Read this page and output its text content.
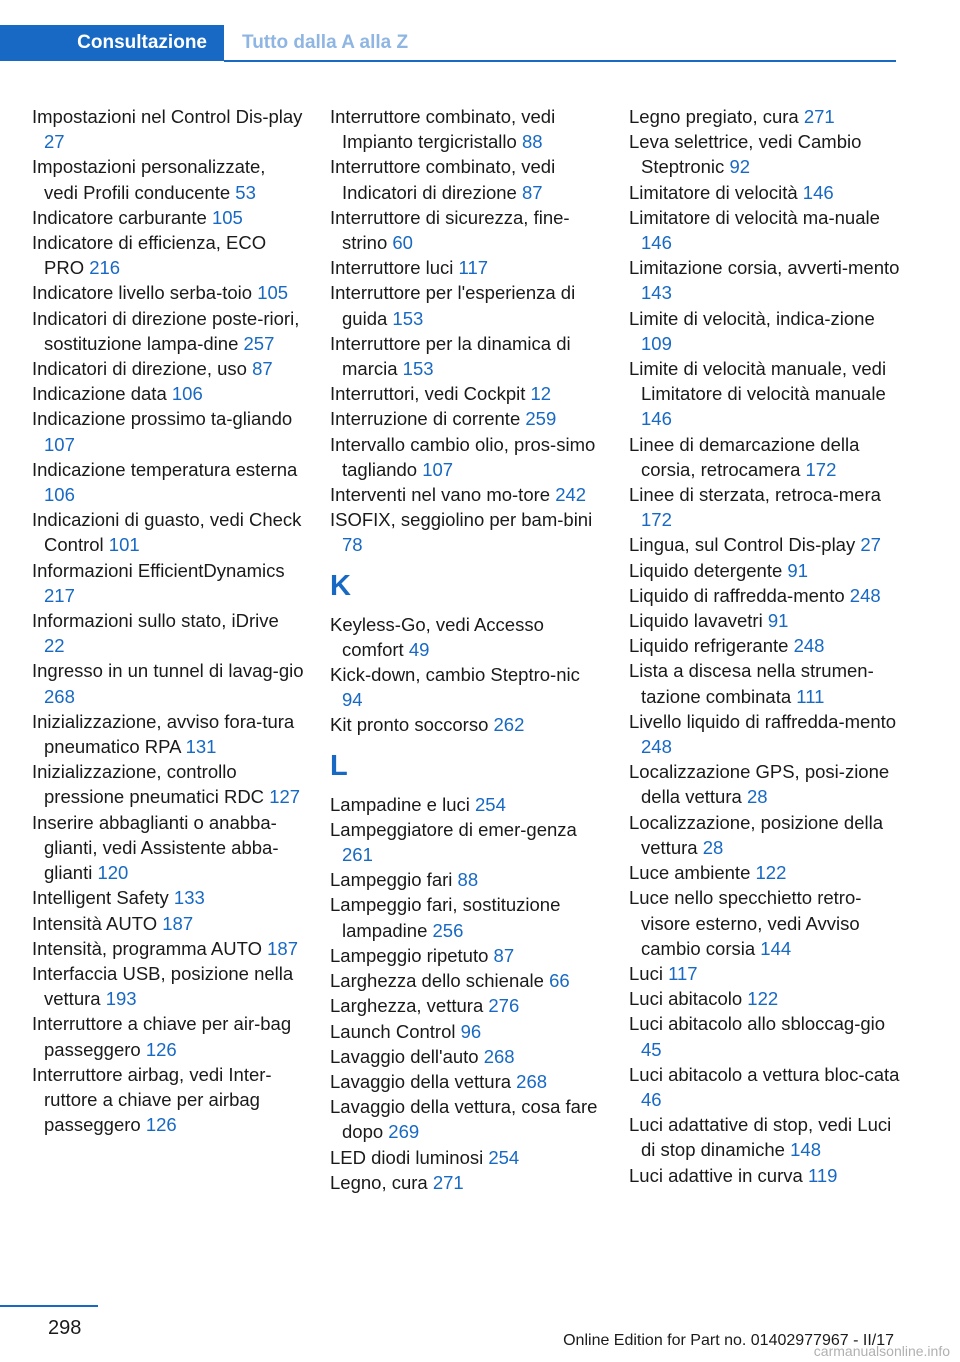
Consultazione	Tutto dalla A alla Z
Impostazioni nel Control Dis‐play 27
Impostazioni personalizzate, vedi Profili conducente 53
Indicatore carburante 105
Indicatore di efficienza, ECO PRO 216
Indicatore livello serba‐toio 105
Indicatori di direzione poste‐riori, sostituzione lampa‐dine 257
Indicatori di direzione, uso 87
Indicazione data 106
Indicazione prossimo ta‐gliando 107
Indicazione temperatura esterna 106
Indicazioni di guasto, vedi Check Control 101
Informazioni EfficientDynamics 217
Informazioni sullo stato, iDrive 22
Ingresso in un tunnel di lavag‐gio 268
Inizializzazione, avviso fora‐tura pneumatico RPA 131
Inizializzazione, controllo pressione pneumatici RDC 127
Inserire abbaglianti o anabba‐glianti, vedi Assistente abba‐glianti 120
Intelligent Safety 133
Intensità AUTO 187
Intensità, programma AUTO 187
Interfaccia USB, posizione nella vettura 193
Interruttore a chiave per air‐bag passeggero 126
Interruttore airbag, vedi Inter‐ruttore a chiave per airbag passeggero 126
Interruttore combinato, vedi Impianto tergicristallo 88
Interruttore combinato, vedi Indicatori di direzione 87
Interruttore di sicurezza, fine‐strino 60
Interruttore luci 117
Interruttore per l'esperienza di guida 153
Interruttore per la dinamica di marcia 153
Interruttori, vedi Cockpit 12
Interruzione di corrente 259
Intervallo cambio olio, pros‐simo tagliando 107
Interventi nel vano mo‐tore 242
ISOFIX, seggiolino per bam‐bini 78
K
Keyless-Go, vedi Accesso comfort 49
Kick-down, cambio Steptro‐nic 94
Kit pronto soccorso 262
L
Lampadine e luci 254
Lampeggiatore di emer‐genza 261
Lampeggio fari 88
Lampeggio fari, sostituzione lampadine 256
Lampeggio ripetuto 87
Larghezza dello schienale 66
Larghezza, vettura 276
Launch Control 96
Lavaggio dell'auto 268
Lavaggio della vettura 268
Lavaggio della vettura, cosa fare dopo 269
LED diodi luminosi 254
Legno, cura 271
Legno pregiato, cura 271
Leva selettrice, vedi Cambio Steptronic 92
Limitatore di velocità 146
Limitatore di velocità ma‐nuale 146
Limitazione corsia, avverti‐mento 143
Limite di velocità, indica‐zione 109
Limite di velocità manuale, vedi Limitatore di velocità manuale 146
Linee di demarcazione della corsia, retrocamera 172
Linee di sterzata, retroca‐mera 172
Lingua, sul Control Dis‐play 27
Liquido detergente 91
Liquido di raffredda‐mento 248
Liquido lavavetri 91
Liquido refrigerante 248
Lista a discesa nella strumen‐tazione combinata 111
Livello liquido di raffredda‐mento 248
Localizzazione GPS, posi‐zione della vettura 28
Localizzazione, posizione della vettura 28
Luce ambiente 122
Luce nello specchietto retro‐visore esterno, vedi Avviso cambio corsia 144
Luci 117
Luci abitacolo 122
Luci abitacolo allo sbloccag‐gio 45
Luci abitacolo a vettura bloc‐cata 46
Luci adattative di stop, vedi Luci di stop dinamiche 148
Luci adattive in curva 119
298
Online Edition for Part no. 01402977967 - II/17
carmanualsonline.info
